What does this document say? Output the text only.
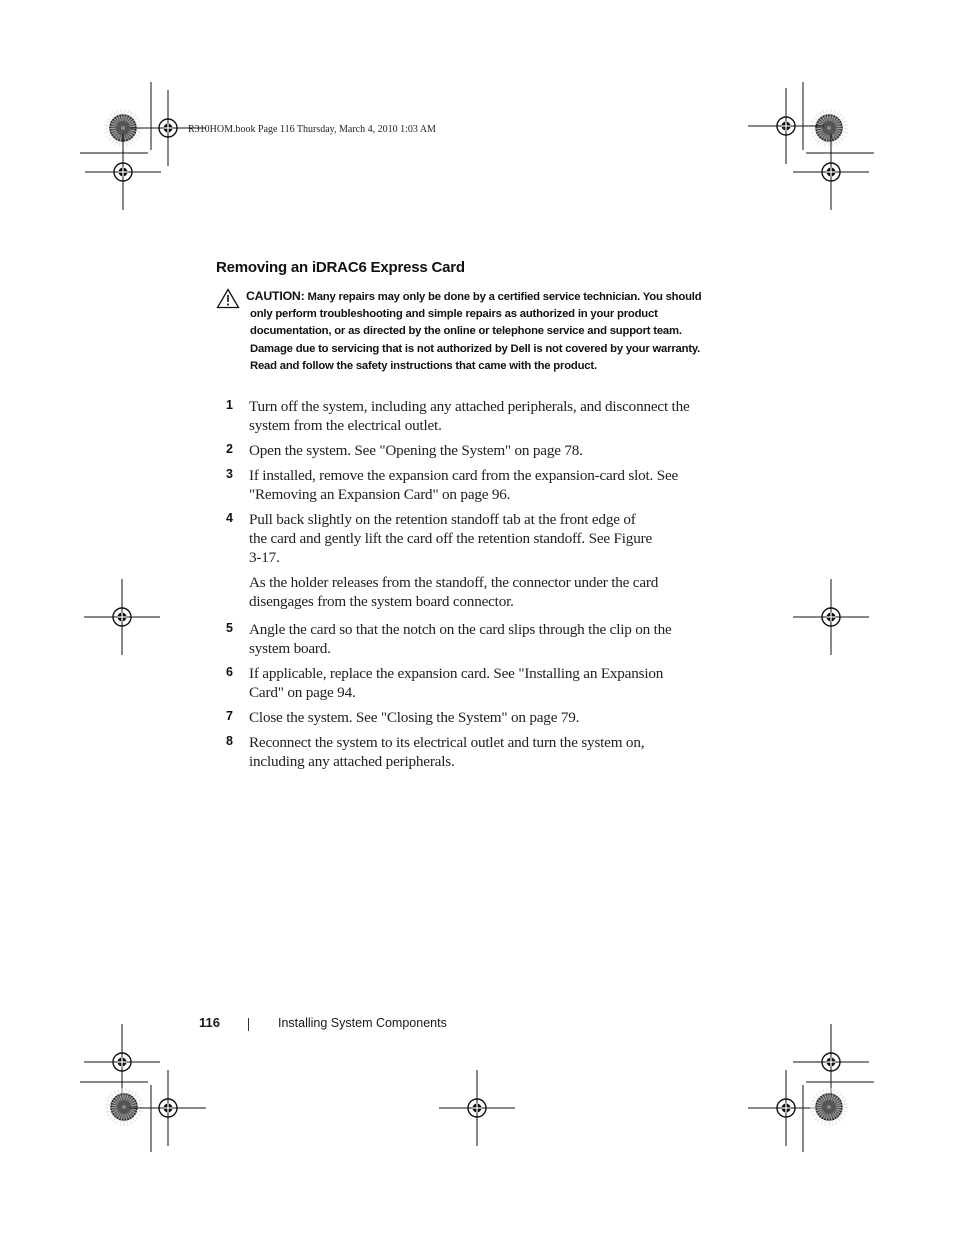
R310HOM.book Page 116 Thursday, March 4, 2010 1:03 AM
Removing an iDRAC6 Express Card

CAUTION: Many repairs may only be done by a certified service technician. You should only perform troubleshooting and simple repairs as authorized in your product documentation, or as directed by the online or telephone service and support team. Damage due to servicing that is not authorized by Dell is not covered by your warranty. Read and follow the safety instructions that came with the product.

1 Turn off the system, including any attached peripherals, and disconnect the system from the electrical outlet.

2 Open the system. See "Opening the System" on page 78.

3 If installed, remove the expansion card from the expansion-card slot. See "Removing an Expansion Card" on page 96.

4 Pull back slightly on the retention standoff tab at the front edge of the card and gently lift the card off the retention standoff. See Figure 3-17.

As the holder releases from the standoff, the connector under the card disengages from the system board connector.

5 Angle the card so that the notch on the card slips through the clip on the system board.

6 If applicable, replace the expansion card. See "Installing an Expansion Card" on page 94.

7 Close the system. See "Closing the System" on page 79.

8 Reconnect the system to its electrical outlet and turn the system on, including any attached peripherals.

116	Installing System Components
